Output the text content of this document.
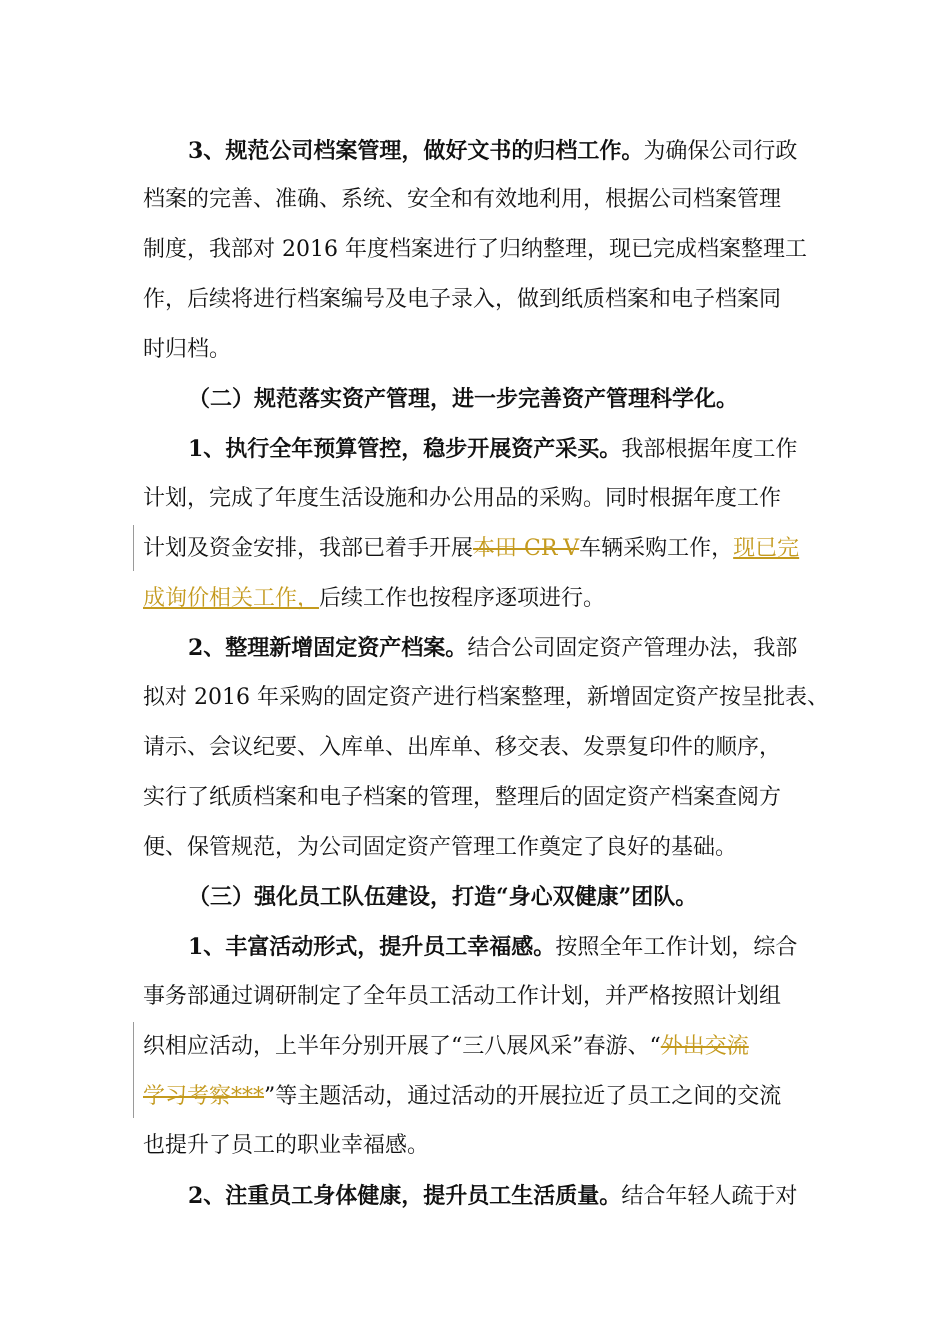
3、规范公司档案管理，做好文书的归档工作。为确保公司行政
档案的完善、准确、系统、安全和有效地利用，根据公司档案管理
制度，我部对 2016 年度档案进行了归纳整理，现已完成档案整理工
作，后续将进行档案编号及电子录入，做到纸质档案和电子档案同
时归档。
（二）规范落实资产管理，进一步完善资产管理科学化。
1、执行全年预算管控，稳步开展资产采买。我部根据年度工作
计划，完成了年度生活设施和办公用品的采购。同时根据年度工作
计划及资金安排，我部已着手开展本田 CR-V车辆采购工作，现已完
成询价相关工作，后续工作也按程序逐项进行。
2、整理新增固定资产档案。结合公司固定资产管理办法，我部
拟对 2016 年采购的固定资产进行档案整理，新增固定资产按呈批表、
请示、会议纪要、入库单、出库单、移交表、发票复印件的顺序，
实行了纸质档案和电子档案的管理，整理后的固定资产档案查阅方
便、保管规范，为公司固定资产管理工作奠定了良好的基础。
（三）强化员工队伍建设，打造“身心双健康”团队。
1、丰富活动形式，提升员工幸福感。按照全年工作计划，综合
事务部通过调研制定了全年员工活动工作计划，并严格按照计划组
织相应活动，上半年分别开展了“三八展风采”春游、“外出交流
学习考察***”等主题活动，通过活动的开展拉近了员工之间的交流
也提升了员工的职业幸福感。
2、注重员工身体健康，提升员工生活质量。结合年轻人疏于对
